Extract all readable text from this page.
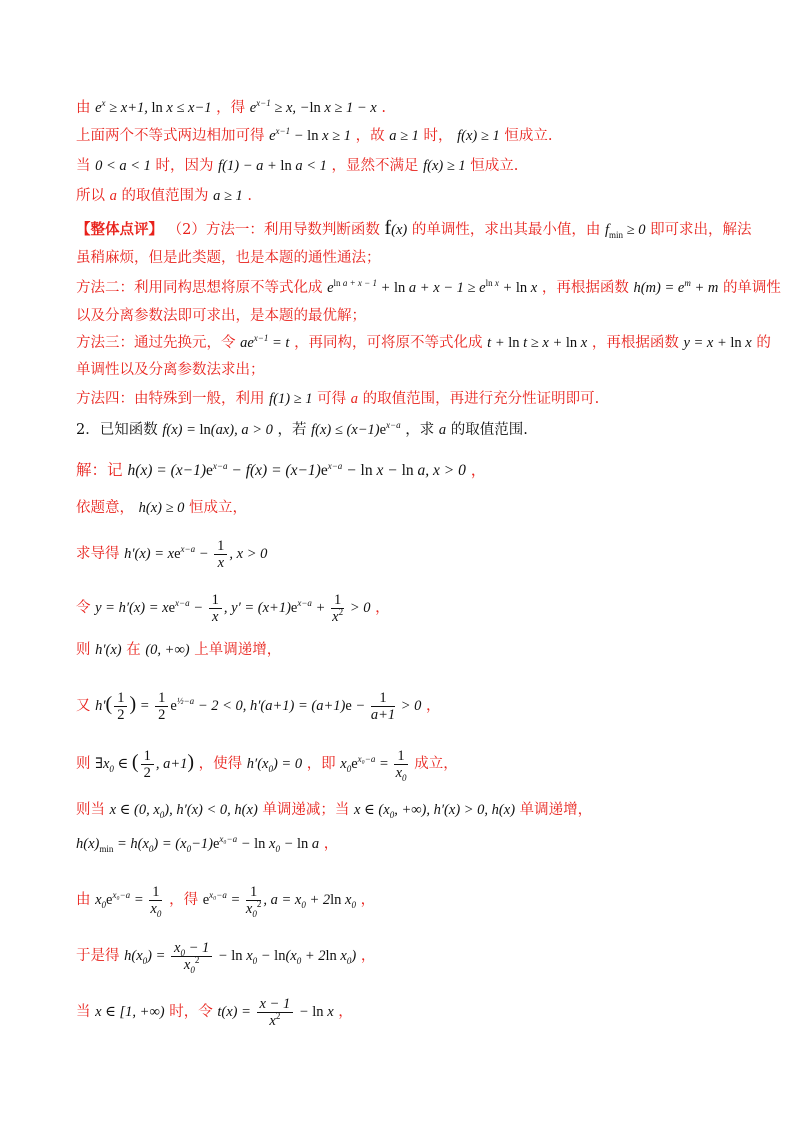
由 $e^x \ge x+1$, ln x ≤ x−1 ，得 $e^{x-1} \ge x$, −ln x ≥ 1 − x .
上面两个不等式两边相加可得 $e^{x-1} - \ln x \ge 1$ ，故 a ≥ 1 时， f(x) ≥ 1 恒成立.
当 0 < a < 1 时，因为 f(1) − a + ln a < 1 ，显然不满足 f(x) ≥ 1 恒成立.
所以 a 的取值范围为 a ≥ 1 .
【整体点评】 （2）方法一：利用导数判断函数 f(x) 的单调性，求出其最小值，由 $f_{min} \ge 0$ 即可求出，解法
虽稍麻烦，但是此类题，也是本题的通性通法；
方法二：利用同构思想将原不等式化成 $e^{ln a + x - 1} + \ln a + x - 1 \ge e^{ln x} + \ln x$ ，再根据函数 $h(m) = e^m + m$ 的单调性
以及分离参数法即可求出，是本题的最优解；
方法三：通过先换元，令 $ae^{x-1} = t$ ，再同构，可将原不等式化成 t + ln t ≥ x + ln x ，再根据函数 y = x + ln x 的
单调性以及分离参数法求出；
方法四：由特殊到一般，利用 f(1) ≥ 1 可得 a 的取值范围，再进行充分性证明即可.
2．已知函数 f(x) = ln(ax), a > 0 ，若 $f(x) \le (x-1)e^{x-a}$ ，求 a 的取值范围.
解：记 $h(x) = (x-1)e^{x-a} - f(x) = (x-1)e^{x-a} - \ln x - \ln a$, x > 0 ，
依题意， h(x) ≥ 0 恒成立，
求导得 $h'(x) = xe^{x-a} - \frac{1}{x}$ , x > 0
令 $y = h'(x) = xe^{x-a} - \frac{1}{x}$ , $y' = (x+1)e^{x-a} + \frac{1}{x^2} > 0$ ，
则 h′(x) 在 (0, +∞) 上单调递增，
又 $h'( \frac{1}{2}$ ) = $\frac{1}{2} e^{\frac{1}{2}-a} - 2 < 0$, $h'(a+1) = (a+1)e - \frac{1}{a+1} > 0$ ，
则 $\exists x_0$ ∈ ( $\frac{1}{2}$ , a+1) ，使得 $h'(x_0) = 0$ ，即 $x_0e^{x_0-a} = \frac{1}{x_0}$ 成立，
则当 x ∈ (0, $x_0$), h′(x) < 0, h(x) 单调递减；当 x ∈ ($x_0$, +∞), h′(x) > 0, h(x) 单调递增，
$h(x)_{min} = h(x_0) = (x_0-1)e^{x_0-a} - \ln x_0 - \ln a$ ，
由 $x_0e^{x_0-a} = \frac{1}{x_0}$ ，得 $e^{x_0-a} = \frac{1}{x_0^2}$ , $a = x_0 + 2\ln$ $x_0$ ，
于是得 $h(x_0) = \frac{x_0 - 1}{x_0^2} - \ln x_0 - \ln(x_0 + 2\ln$ $x_0$) ，
当 x ∈ [1, +∞) 时，令 $t(x) = \frac{x - 1}{x^2} - \ln x$ ，
